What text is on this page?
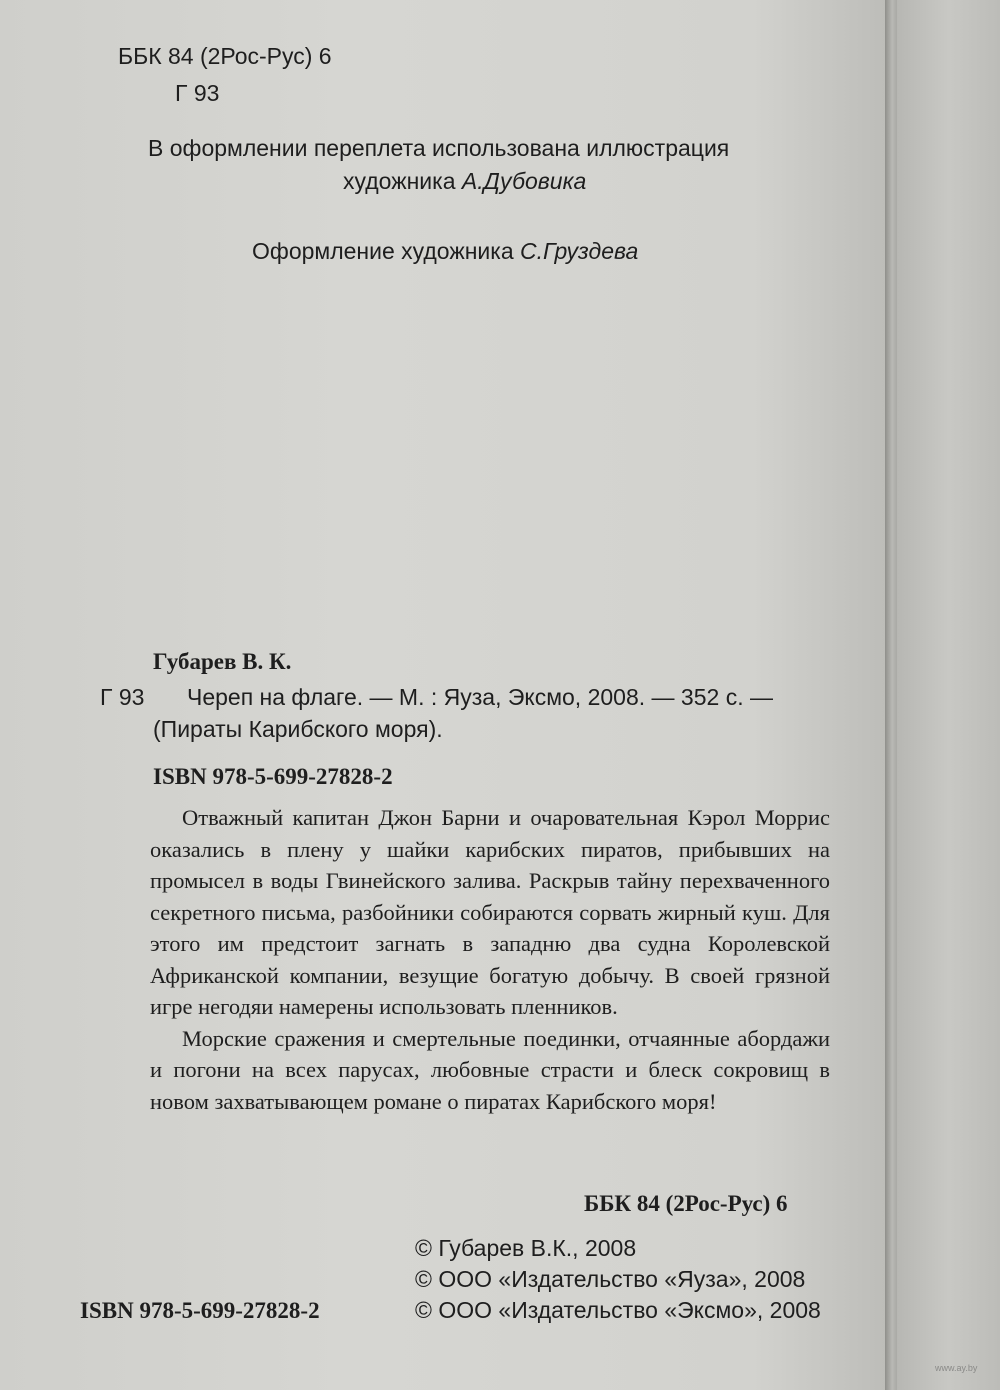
ББК 84 (2Рос-Рус) 6
Г 93
В оформлении переплета использована иллюстрация
художника А.Дубовика
Оформление художника С.Груздева
Губарев В. К.
Г 93 Череп на флаге. — М. : Яуза, Эксмо, 2008. — 352 с. —
(Пираты Карибского моря).
ISBN 978-5-699-27828-2

Отважный капитан Джон Барни и очаровательная Кэрол Моррис оказались в плену у шайки карибских пиратов, прибывших на промысел в воды Гвинейского залива. Раскрыв тайну перехваченного секретного письма, разбойники собираются сорвать жирный куш. Для этого им предстоит загнать в западню два судна Королевской Африканской компании, везущие богатую добычу. В своей грязной игре негодяи намерены использовать пленников.

Морские сражения и смертельные поединки, отчаянные абордажи и погони на всех парусах, любовные страсти и блеск сокровищ в новом захватывающем романе о пиратах Карибского моря!

ББК 84 (2Рос-Рус) 6
© Губарев В.К., 2008
© ООО «Издательство «Яуза», 2008
© ООО «Издательство «Эксмо», 2008
ISBN 978-5-699-27828-2
www.ay.by
